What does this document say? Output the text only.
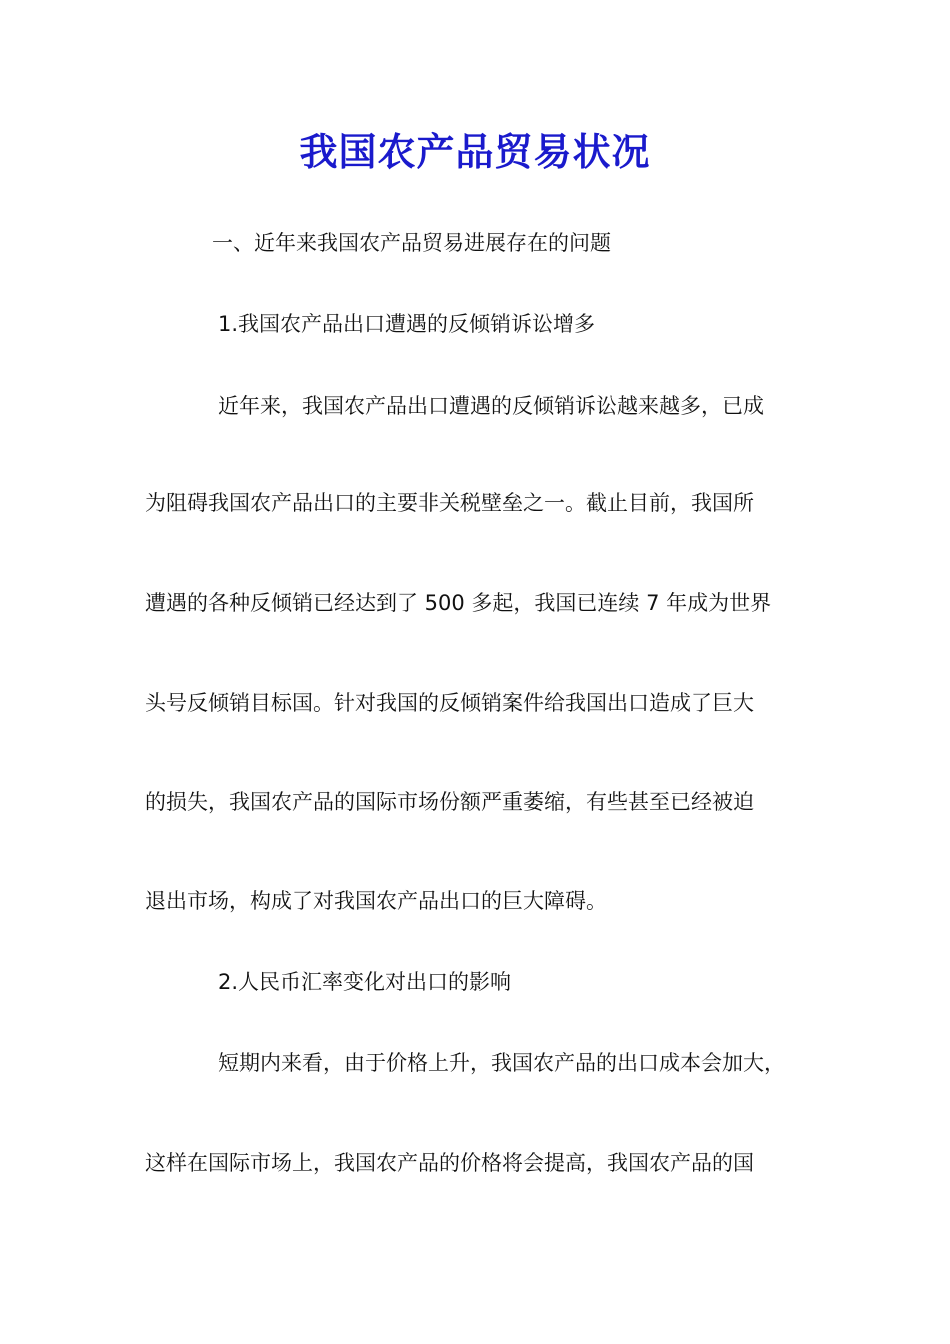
我国农产品贸易状况
一、近年来我国农产品贸易进展存在的问题
1.我国农产品出口遭遇的反倾销诉讼增多
近年来，我国农产品出口遭遇的反倾销诉讼越来越多，已成
为阻碍我国农产品出口的主要非关税壁垒之一。截止目前，我国所
遭遇的各种反倾销已经达到了 500 多起，我国已连续 7 年成为世界
头号反倾销目标国。针对我国的反倾销案件给我国出口造成了巨大
的损失，我国农产品的国际市场份额严重萎缩，有些甚至已经被迫
退出市场，构成了对我国农产品出口的巨大障碍。
2.人民币汇率变化对出口的影响
短期内来看，由于价格上升，我国农产品的出口成本会加大，
这样在国际市场上，我国农产品的价格将会提高，我国农产品的国
